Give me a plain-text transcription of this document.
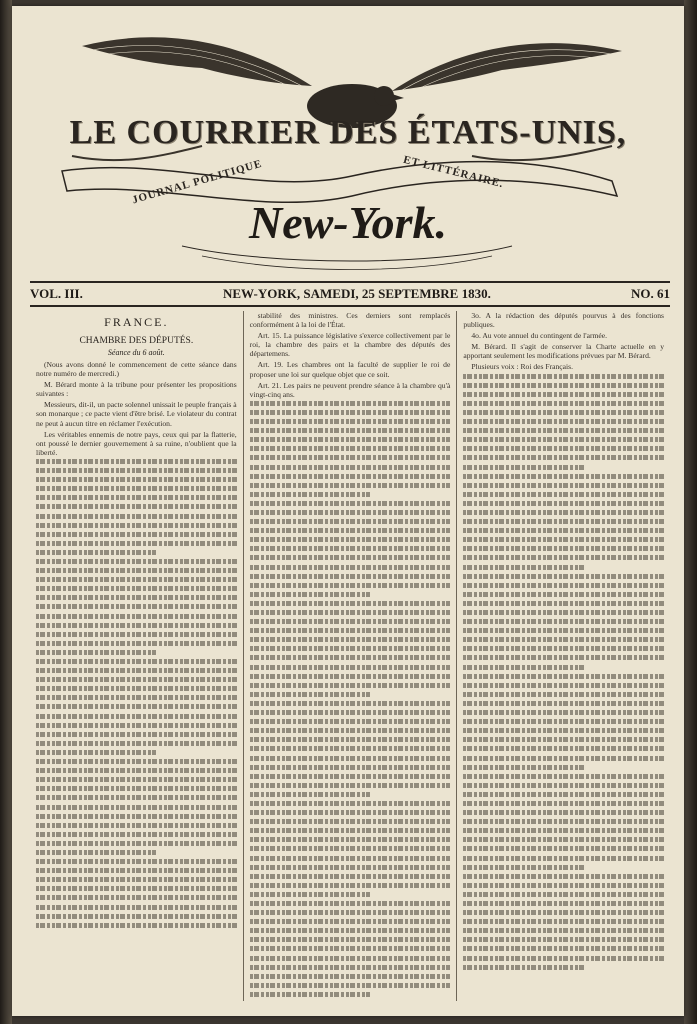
LE COURRIER DES ÉTATS-UNIS,
JOURNAL POLITIQUE	ET LITTÉRAIRE.
New-York.
VOL. III.	NEW-YORK, SAMEDI, 25 SEPTEMBRE 1830.	NO. 61
FRANCE.
CHAMBRE DES DÉPUTÉS.
Séance du 6 août.

(Nous avons donné le commencement de cette séance dans notre numéro de mercredi.)

M. Bérard monte à la tribune pour présenter les propositions suivantes :

Messieurs, dit-il, un pacte solennel unissait le peuple français à son monarque ; ce pacte vient d'être brisé. Le violateur du contrat ne peut à aucun titre en réclamer l'exécution.

Les véritables ennemis de notre pays, ceux qui par la flatterie, ont poussé le dernier gouvernement à sa ruine, n'oublient que la liberté.

stabilité des ministres. Ces derniers sont remplacés conformément à la loi de l'État.

Art. 15. La puissance législative s'exerce collectivement par le roi, la chambre des pairs et la chambre des députés des départemens.

Art. 19. Les chambres ont la faculté de supplier le roi de proposer une loi sur quelque objet que ce soit.

Art. 21. Les pairs ne peuvent prendre séance à la chambre qu'à vingt-cinq ans.

3o. A la rédaction des députés pourvus à des fonctions publiques.

4o. Au vote annuel du contingent de l'armée.

M. Bérard. Il s'agit de conserver la Charte actuelle en y apportant seulement les modifications prévues par M. Bérard.

Plusieurs voix : Roi des Français.
